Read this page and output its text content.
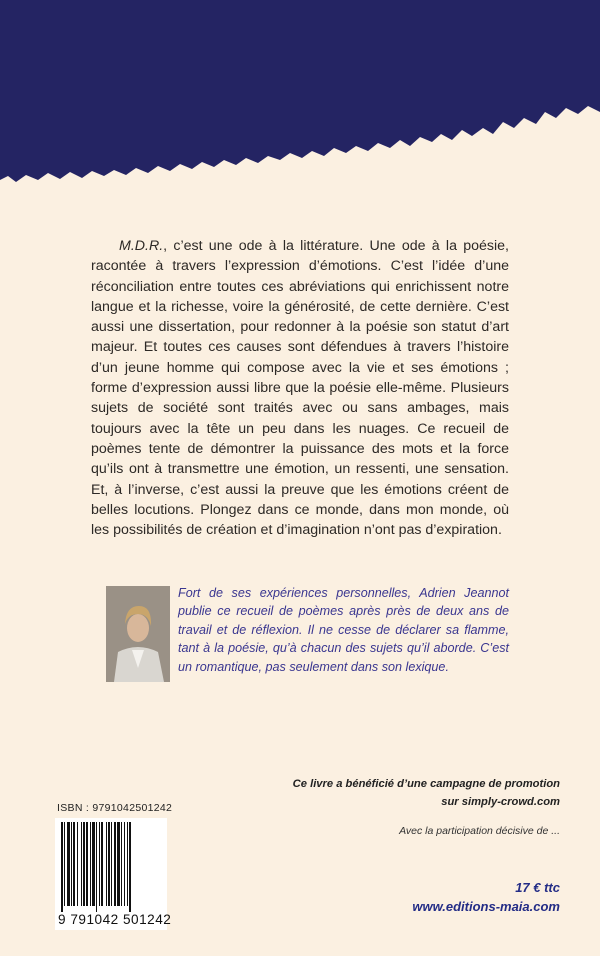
M.D.R., c’est une ode à la littérature. Une ode à la poésie, racontée à travers l’expression d’émotions. C’est l’idée d’une réconciliation entre toutes ces abréviations qui enrichissent notre langue et la richesse, voire la générosité, de cette dernière. C’est aussi une dissertation, pour redonner à la poésie son statut d’art majeur. Et toutes ces causes sont défendues à travers l’histoire d’un jeune homme qui compose avec la vie et ses émotions ; forme d’expression aussi libre que la poésie elle-même. Plusieurs sujets de société sont traités avec ou sans ambages, mais toujours avec la tête un peu dans les nuages. Ce recueil de poèmes tente de démontrer la puissance des mots et la force qu’ils ont à transmettre une émotion, un ressenti, une sensation. Et, à l’inverse, c’est aussi la preuve que les émotions créent de belles locutions. Plongez dans ce monde, dans mon monde, où les possibilités de création et d’imagination n’ont pas d’expiration.

Fort de ses expériences personnelles, Adrien Jeannot publie ce recueil de poèmes après près de deux ans de travail et de réflexion. Il ne cesse de déclarer sa flamme, tant à la poésie, qu’à chacun des sujets qu’il aborde. C’est un romantique, pas seulement dans son lexique.

Ce livre a bénéficié d’une campagne de promotion

sur simply-crowd.com

Avec la participation décisive de ...

ISBN : 9791042501242

9 791042 501242

17 € ttc

www.editions-maia.com
